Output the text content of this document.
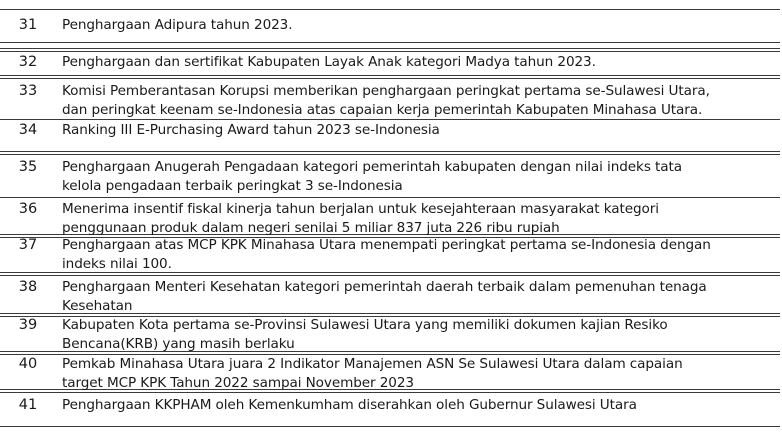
31	Penghargaan Adipura tahun 2023.
32	Penghargaan dan sertifikat Kabupaten Layak Anak kategori Madya tahun 2023.
33	Komisi Pemberantasan Korupsi memberikan penghargaan peringkat pertama se-Sulawesi Utara,
dan peringkat keenam se-Indonesia atas capaian kerja pemerintah Kabupaten Minahasa Utara.
34	Ranking III E-Purchasing Award tahun 2023 se-Indonesia
35	Penghargaan Anugerah Pengadaan kategori pemerintah kabupaten dengan nilai indeks tata
kelola pengadaan terbaik peringkat 3 se-Indonesia
36	Menerima insentif fiskal kinerja tahun berjalan untuk kesejahteraan masyarakat kategori
penggunaan produk dalam negeri senilai 5 miliar 837 juta 226 ribu rupiah
37	Penghargaan atas MCP KPK Minahasa Utara menempati peringkat pertama se-Indonesia dengan
indeks nilai 100.
38	Penghargaan Menteri Kesehatan kategori pemerintah daerah terbaik dalam pemenuhan tenaga
Kesehatan
39	Kabupaten Kota pertama se-Provinsi Sulawesi Utara yang memiliki dokumen kajian Resiko
Bencana(KRB) yang masih berlaku
40	Pemkab Minahasa Utara juara 2 Indikator Manajemen ASN Se Sulawesi Utara dalam capaian
target MCP KPK Tahun 2022 sampai November 2023
41	Penghargaan KKPHAM oleh Kemenkumham diserahkan oleh Gubernur Sulawesi Utara
